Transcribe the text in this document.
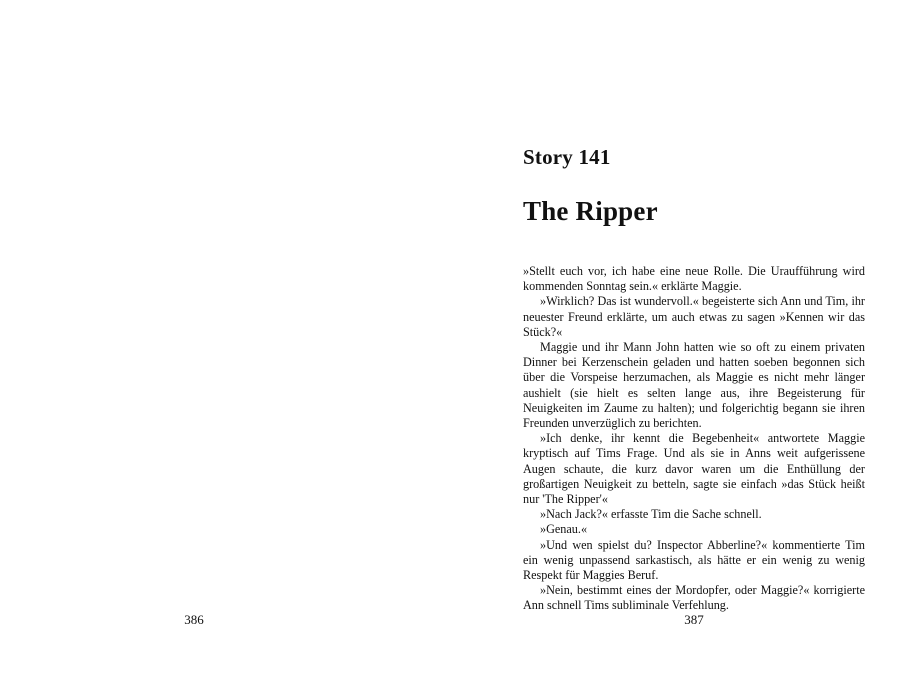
386
Story 141
The Ripper

»Stellt euch vor, ich habe eine neue Rolle. Die Uraufführung wird kommenden Sonntag sein.« erklärte Maggie.

»Wirklich? Das ist wundervoll.« begeisterte sich Ann und Tim, ihr neuester Freund erklärte, um auch etwas zu sagen »Kennen wir das Stück?«

Maggie und ihr Mann John hatten wie so oft zu einem privaten Dinner bei Kerzenschein geladen und hatten soeben begonnen sich über die Vorspeise herzumachen, als Maggie es nicht mehr länger aushielt (sie hielt es selten lange aus, ihre Begeisterung für Neuigkeiten im Zaume zu halten); und folgerichtig begann sie ihren Freunden unverzüglich zu berichten.

»Ich denke, ihr kennt die Begebenheit« antwortete Maggie kryptisch auf Tims Frage. Und als sie in Anns weit aufgerissene Augen schaute, die kurz davor waren um die Enthüllung der großartigen Neuigkeit zu betteln, sagte sie einfach »das Stück heißt nur 'The Ripper'«

»Nach Jack?« erfasste Tim die Sache schnell.

»Genau.«

»Und wen spielst du? Inspector Abberline?« kommentierte Tim ein wenig unpassend sarkastisch, als hätte er ein wenig zu wenig Respekt für Maggies Beruf.

»Nein, bestimmt eines der Mordopfer, oder Maggie?« korrigierte Ann schnell Tims subliminale Verfehlung.

387
